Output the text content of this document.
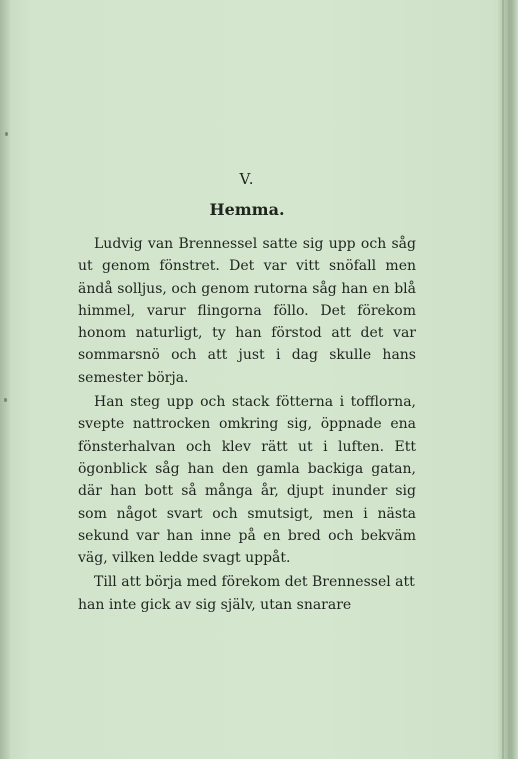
V.
Hemma.

Ludvig van Brennessel satte sig upp och såg ut genom fönstret. Det var vitt snöfall men ändå solljus, och genom rutorna såg han en blå himmel, varur flingorna föllo. Det förekom honom naturligt, ty han förstod att det var sommarsnö och att just i dag skulle hans semester börja.

Han steg upp och stack fötterna i tofflorna, svepte nattrocken omkring sig, öppnade ena fönsterhalvan och klev rätt ut i luften. Ett ögonblick såg han den gamla backiga gatan, där han bott så många år, djupt inunder sig som något svart och smutsigt, men i nästa sekund var han inne på en bred och bekväm väg, vilken ledde svagt uppåt.

Till att börja med förekom det Brennessel att han inte gick av sig själv, utan snarare
